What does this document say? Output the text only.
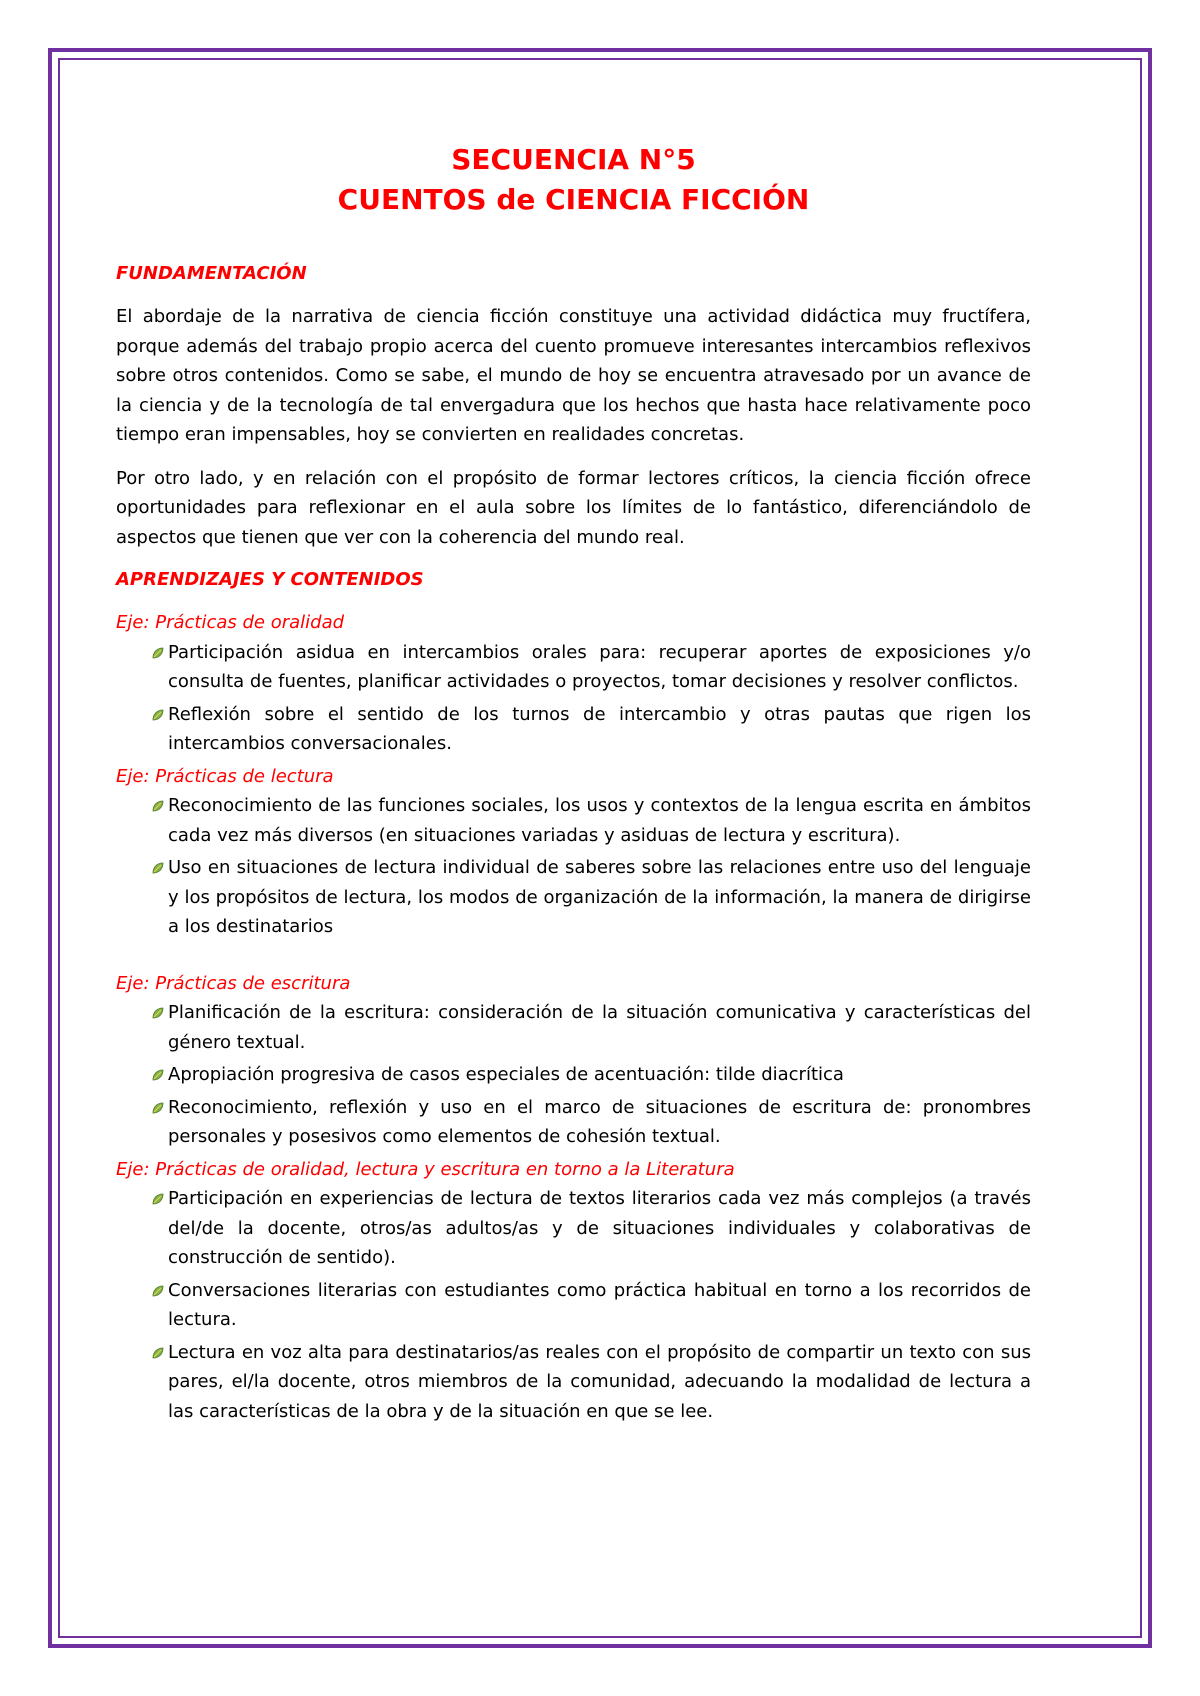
SECUENCIA N°5
CUENTOS de CIENCIA FICCIÓN
FUNDAMENTACIÓN

El abordaje de la narrativa de ciencia ficción constituye una actividad didáctica muy fructífera, porque además del trabajo propio acerca del cuento promueve interesantes intercambios reflexivos sobre otros contenidos. Como se sabe, el mundo de hoy se encuentra atravesado por un avance de la ciencia y de la tecnología de tal envergadura que los hechos que hasta hace relativamente poco tiempo eran impensables, hoy se convierten en realidades concretas.

Por otro lado, y en relación con el propósito de formar lectores críticos, la ciencia ficción ofrece oportunidades para reflexionar en el aula sobre los límites de lo fantástico, diferenciándolo de aspectos que tienen que ver con la coherencia del mundo real.

APRENDIZAJES Y CONTENIDOS
Eje: Prácticas de oralidad
Participación asidua en intercambios orales para: recuperar aportes de exposiciones y/o consulta de fuentes, planificar actividades o proyectos, tomar decisiones y resolver conflictos.
Reflexión sobre el sentido de los turnos de intercambio y otras pautas que rigen los intercambios conversacionales.
Eje: Prácticas de lectura
Reconocimiento de las funciones sociales, los usos y contextos de la lengua escrita en ámbitos cada vez más diversos (en situaciones variadas y asiduas de lectura y escritura).
Uso en situaciones de lectura individual de saberes sobre las relaciones entre uso del lenguaje y los propósitos de lectura, los modos de organización de la información, la manera de dirigirse a los destinatarios
Eje: Prácticas de escritura
Planificación de la escritura: consideración de la situación comunicativa y características del género textual.
Apropiación progresiva de casos especiales de acentuación: tilde diacrítica
Reconocimiento, reflexión y uso en el marco de situaciones de escritura de: pronombres personales y posesivos como elementos de cohesión textual.
Eje: Prácticas de oralidad, lectura y escritura en torno a la Literatura
Participación en experiencias de lectura de textos literarios cada vez más complejos (a través del/de la docente, otros/as adultos/as y de situaciones individuales y colaborativas de construcción de sentido).
Conversaciones literarias con estudiantes como práctica habitual en torno a los recorridos de lectura.
Lectura en voz alta para destinatarios/as reales con el propósito de compartir un texto con sus pares, el/la docente, otros miembros de la comunidad, adecuando la modalidad de lectura a las características de la obra y de la situación en que se lee.
